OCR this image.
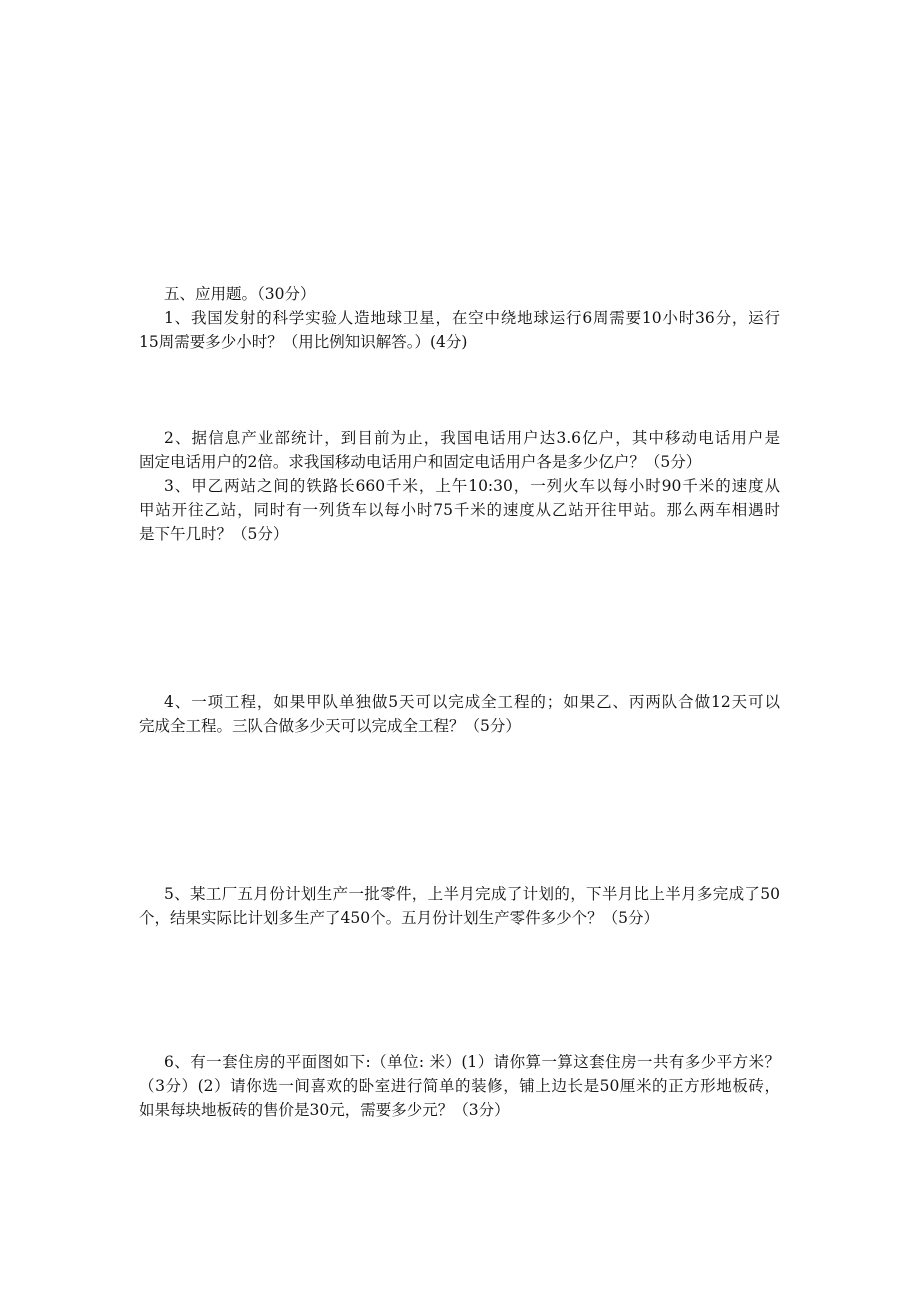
五、应用题。（30分）
1、我国发射的科学实验人造地球卫星，在空中绕地球运行6周需要10小时36分，运行
15周需要多少小时？（用比例知识解答。）(4分)
2、据信息产业部统计，到目前为止，我国电话用户达3.6亿户，其中移动电话用户是
固定电话用户的2倍。求我国移动电话用户和固定电话用户各是多少亿户？（5分）
3、甲乙两站之间的铁路长660千米，上午10:30，一列火车以每小时90千米的速度从
甲站开往乙站，同时有一列货车以每小时75千米的速度从乙站开往甲站。那么两车相遇时
是下午几时？（5分）
4、一项工程，如果甲队单独做5天可以完成全工程的；如果乙、丙两队合做12天可以
完成全工程。三队合做多少天可以完成全工程？（5分）
5、某工厂五月份计划生产一批零件，上半月完成了计划的，下半月比上半月多完成了50
个，结果实际比计划多生产了450个。五月份计划生产零件多少个？（5分）
6、有一套住房的平面图如下:（单位: 米）(1）请你算一算这套住房一共有多少平方米？
（3分）(2）请你选一间喜欢的卧室进行简单的装修，铺上边长是50厘米的正方形地板砖，
如果每块地板砖的售价是30元，需要多少元？（3分）
